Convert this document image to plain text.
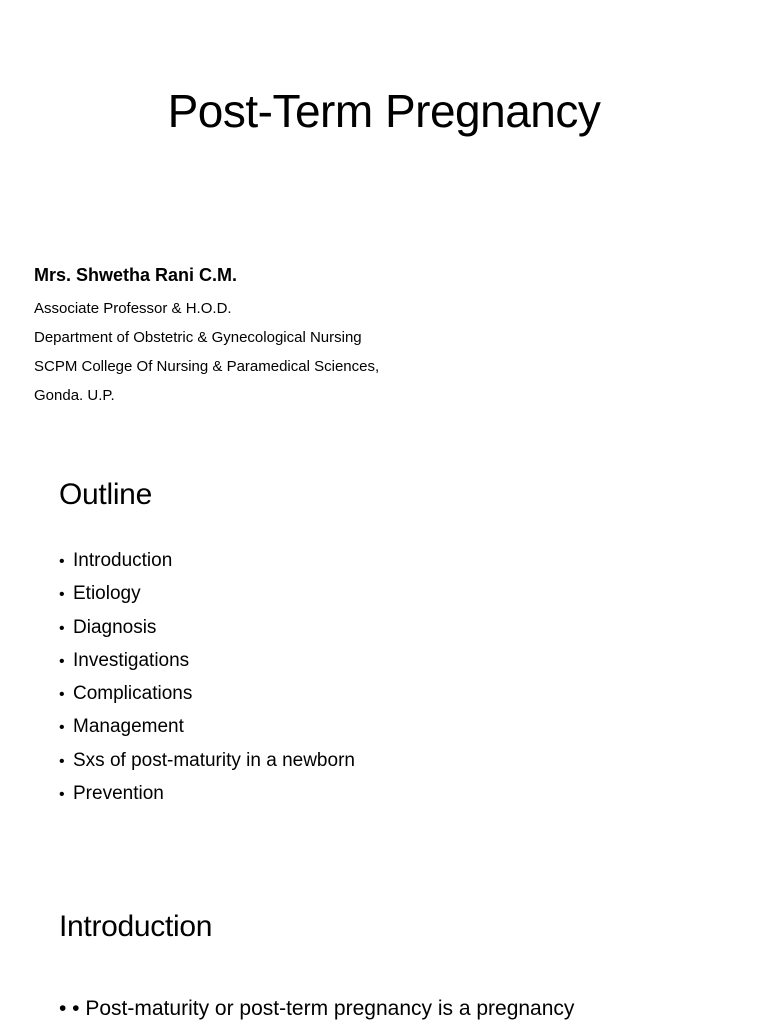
Post-Term Pregnancy

Mrs. Shwetha Rani C.M.

Associate Professor & H.O.D.

Department of Obstetric & Gynecological Nursing

SCPM College Of Nursing & Paramedical Sciences,

Gonda. U.P.

Outline
• Introduction
• Etiology
• Diagnosis
• Investigations
• Complications
• Management
• Sxs of post-maturity in a newborn
• Prevention
Introduction

• • Post-maturity or post-term pregnancy is a pregnancy
